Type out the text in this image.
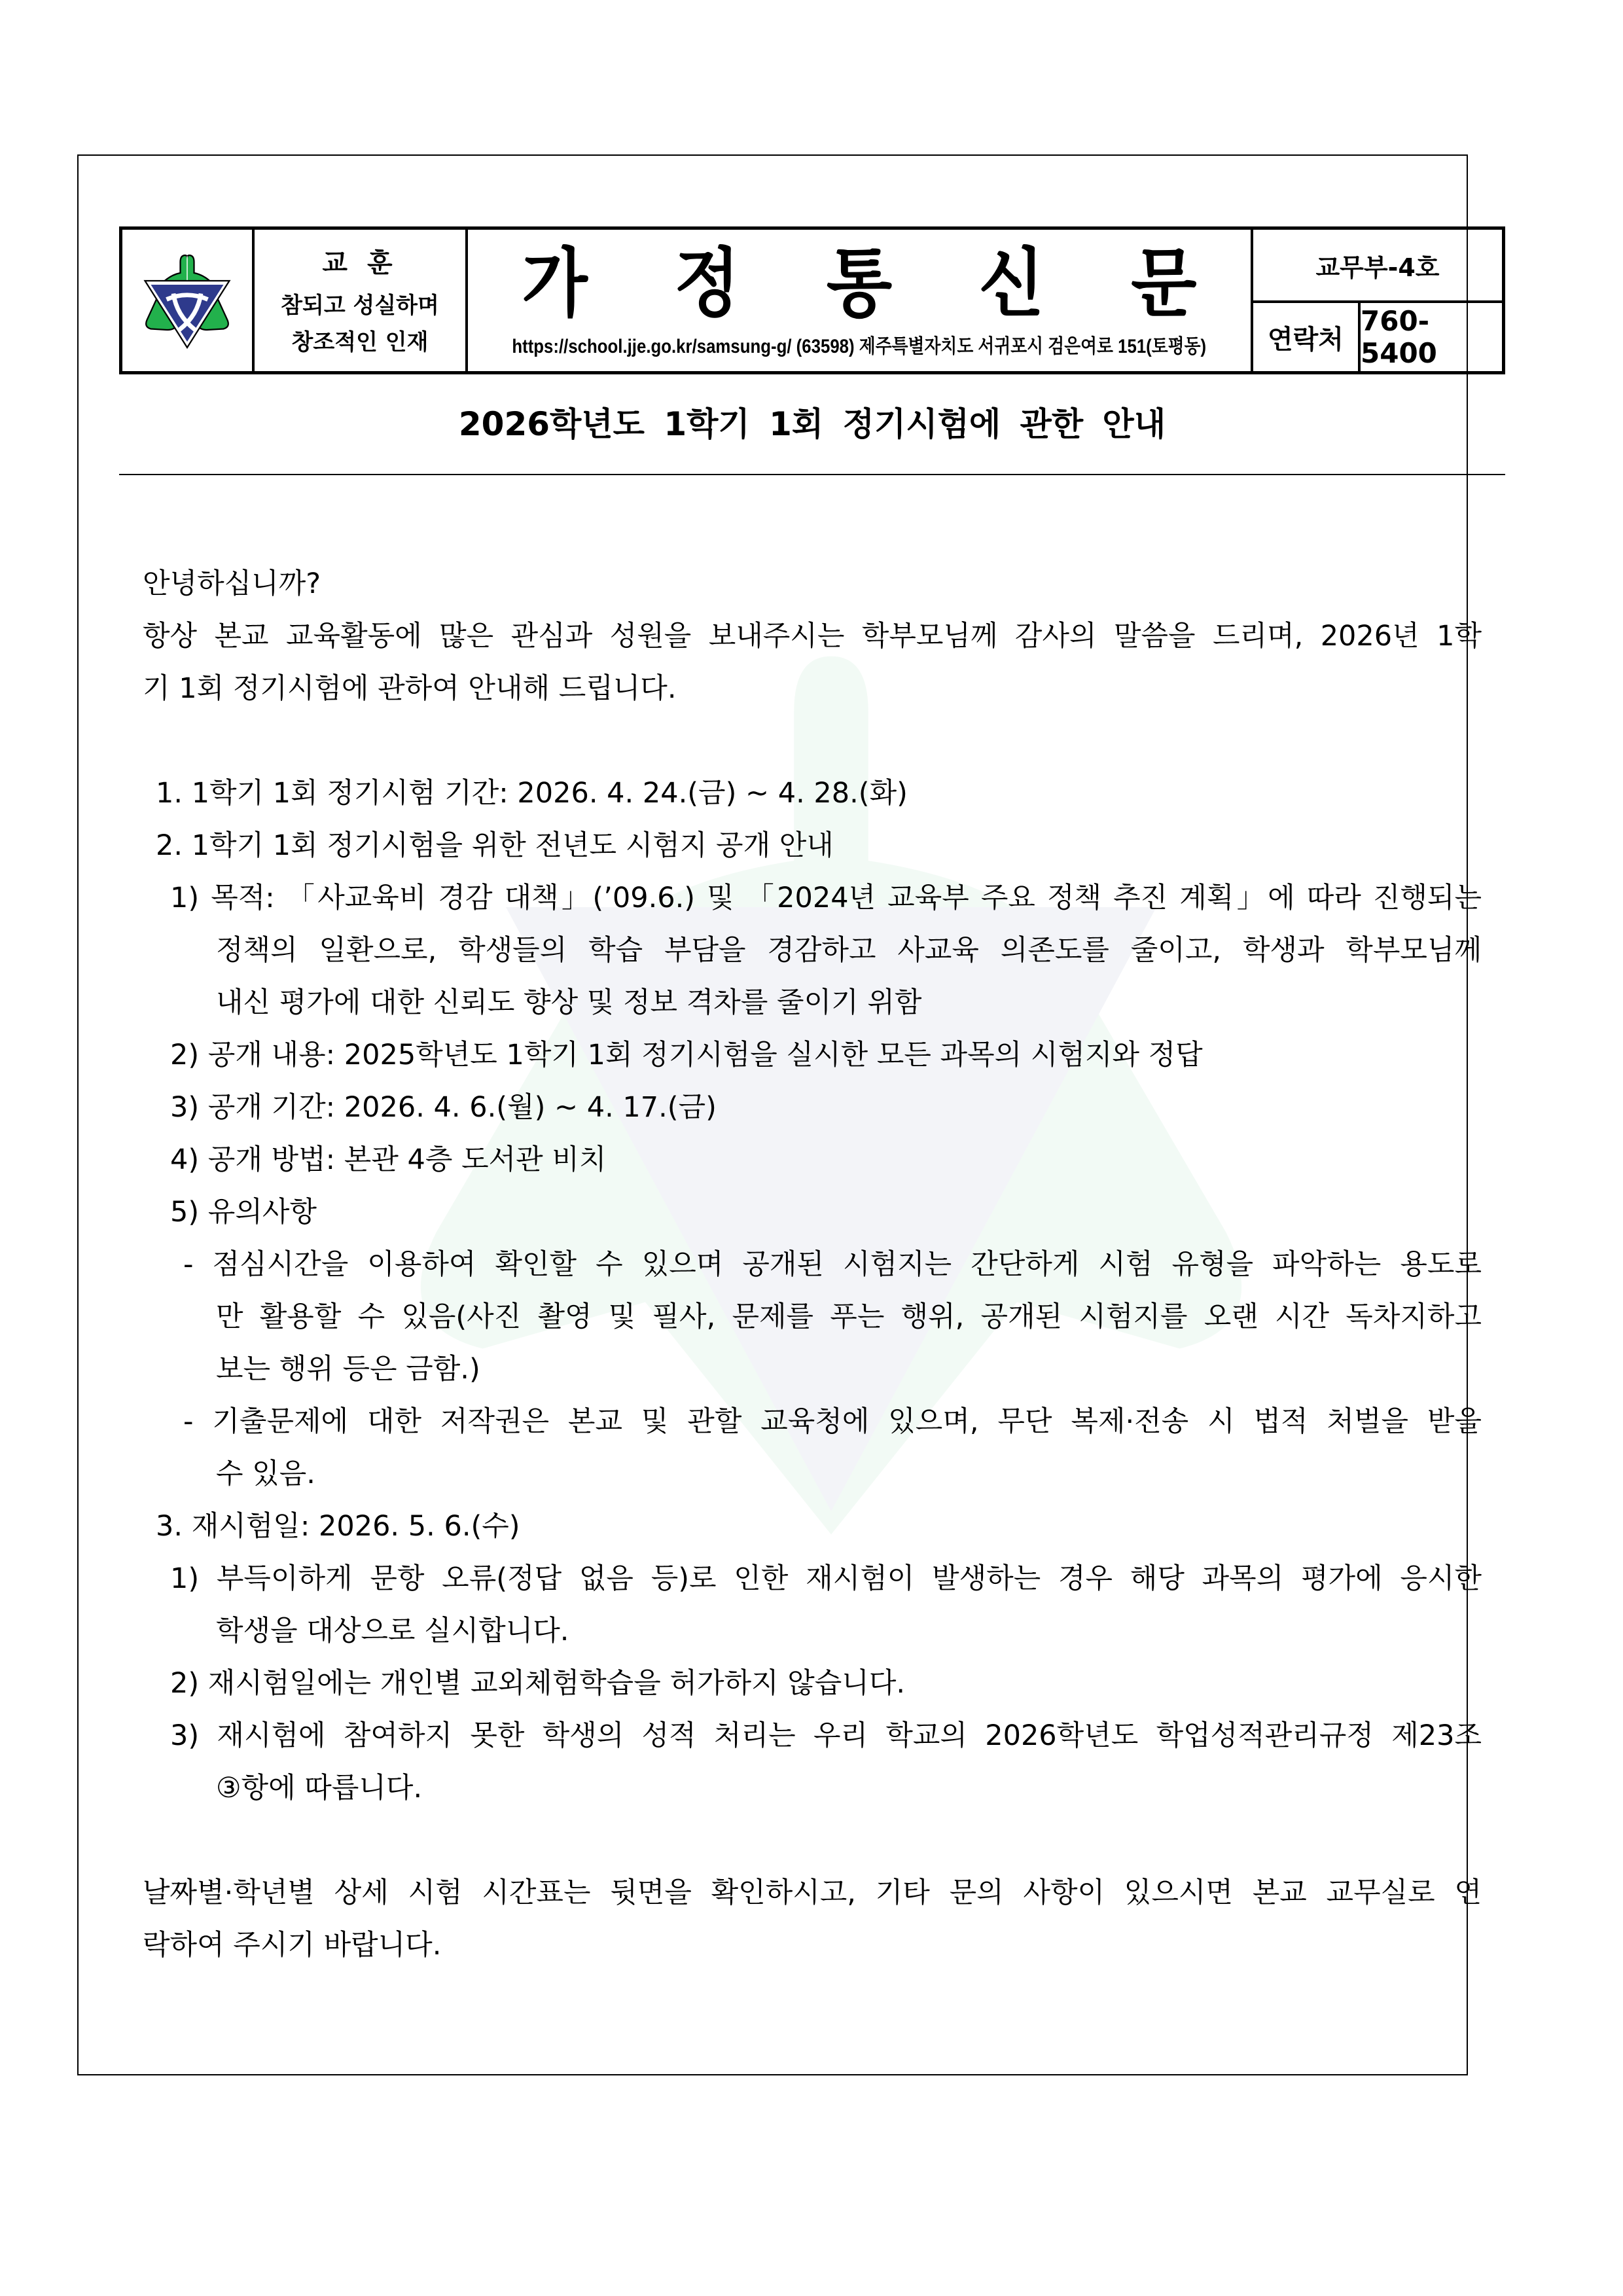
교 훈
참되고 성실하며
창조적인 인재
가 정 통 신 문
https://school.jje.go.kr/samsung-g/ (63598) 제주특별자치도 서귀포시 검은여로 151(토평동)
교무부-4호
연락처
760-5400
2026학년도 1학기 1회 정기시험에 관한 안내

안녕하십니까?

항상 본교 교육활동에 많은 관심과 성원을 보내주시는 학부모님께 감사의 말씀을 드리며, 2026년 1학

기 1회 정기시험에 관하여 안내해 드립니다.

1. 1학기 1회 정기시험 기간: 2026. 4. 24.(금) ~ 4. 28.(화)

2. 1학기 1회 정기시험을 위한 전년도 시험지 공개 안내

1) 목적: 「사교육비 경감 대책」(’09.6.) 및 「2024년 교육부 주요 정책 추진 계획」에 따라 진행되는

정책의 일환으로, 학생들의 학습 부담을 경감하고 사교육 의존도를 줄이고, 학생과 학부모님께

내신 평가에 대한 신뢰도 향상 및 정보 격차를 줄이기 위함

2) 공개 내용: 2025학년도 1학기 1회 정기시험을 실시한 모든 과목의 시험지와 정답

3) 공개 기간: 2026. 4. 6.(월) ~ 4. 17.(금)

4) 공개 방법: 본관 4층 도서관 비치

5) 유의사항

- 점심시간을 이용하여 확인할 수 있으며 공개된 시험지는 간단하게 시험 유형을 파악하는 용도로

만 활용할 수 있음(사진 촬영 및 필사, 문제를 푸는 행위, 공개된 시험지를 오랜 시간 독차지하고

보는 행위 등은 금함.)

- 기출문제에 대한 저작권은 본교 및 관할 교육청에 있으며, 무단 복제·전송 시 법적 처벌을 받을

수 있음.

3. 재시험일: 2026. 5. 6.(수)

1) 부득이하게 문항 오류(정답 없음 등)로 인한 재시험이 발생하는 경우 해당 과목의 평가에 응시한

학생을 대상으로 실시합니다.

2) 재시험일에는 개인별 교외체험학습을 허가하지 않습니다.

3) 재시험에 참여하지 못한 학생의 성적 처리는 우리 학교의 2026학년도 학업성적관리규정 제23조

③항에 따릅니다.

날짜별·학년별 상세 시험 시간표는 뒷면을 확인하시고, 기타 문의 사항이 있으시면 본교 교무실로 연

락하여 주시기 바랍니다.
